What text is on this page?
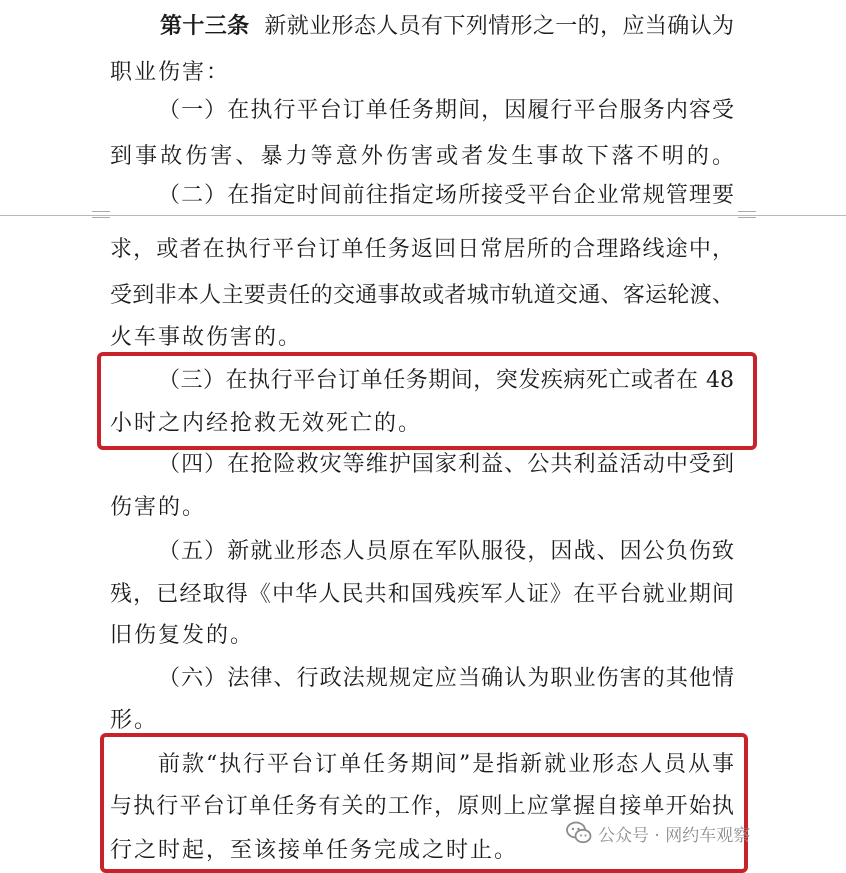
第十三条 新就业形态人员有下列情形之一的，应当确认为
职业伤害：
（一）在执行平台订单任务期间，因履行平台服务内容受
到事故伤害、暴力等意外伤害或者发生事故下落不明的。
（二）在指定时间前往指定场所接受平台企业常规管理要
求，或者在执行平台订单任务返回日常居所的合理路线途中，
受到非本人主要责任的交通事故或者城市轨道交通、客运轮渡、
火车事故伤害的。
（三）在执行平台订单任务期间，突发疾病死亡或者在 48
小时之内经抢救无效死亡的。
（四）在抢险救灾等维护国家利益、公共利益活动中受到
伤害的。
（五）新就业形态人员原在军队服役，因战、因公负伤致
残，已经取得《中华人民共和国残疾军人证》在平台就业期间
旧伤复发的。
（六）法律、行政法规规定应当确认为职业伤害的其他情
形。
前款“执行平台订单任务期间”是指新就业形态人员从事
与执行平台订单任务有关的工作，原则上应掌握自接单开始执
行之时起，至该接单任务完成之时止。
公众号 · 网约车观察
